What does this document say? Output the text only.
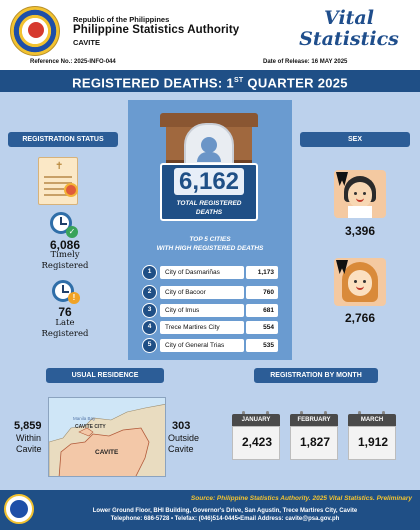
Republic of the Philippines
Philippine Statistics Authority
CAVITE
Vital Statistics
Reference No.: 2025-INFO-044	Date of Release: 16 MAY 2025
REGISTERED DEATHS: 1ST QUARTER 2025
REGISTRATION STATUS	SEX
6,162
TOTAL REGISTERED
DEATHS
TOP 5 CITIES
WITH HIGH REGISTERED DEATHS
1	City of Dasmariñas	1,173
2	City of Bacoor	760
3	City of Imus	681
4	Trece Martires City	554
5	City of General Trias	535
✝
✓
6,086
Timely
Registered
!
76
Late
Registered
3,396
2,766
USUAL RESIDENCE	REGISTRATION BY MONTH
5,859
Within
Cavite
Manila Bay
CAVITE CITY
CAVITE
303
Outside
Cavite
JANUARY
2,423
FEBRUARY
1,827
MARCH
1,912
Source: Philippine Statistics Authority. 2025 Vital Statistics. Preliminary
Lower Ground Floor, BHI Building, Governor's Drive, San Agustin, Trece Martires City, Cavite
Telephone: 686-5728 • Telefax: (046)514-0445•Email Address: cavite@psa.gov.ph
